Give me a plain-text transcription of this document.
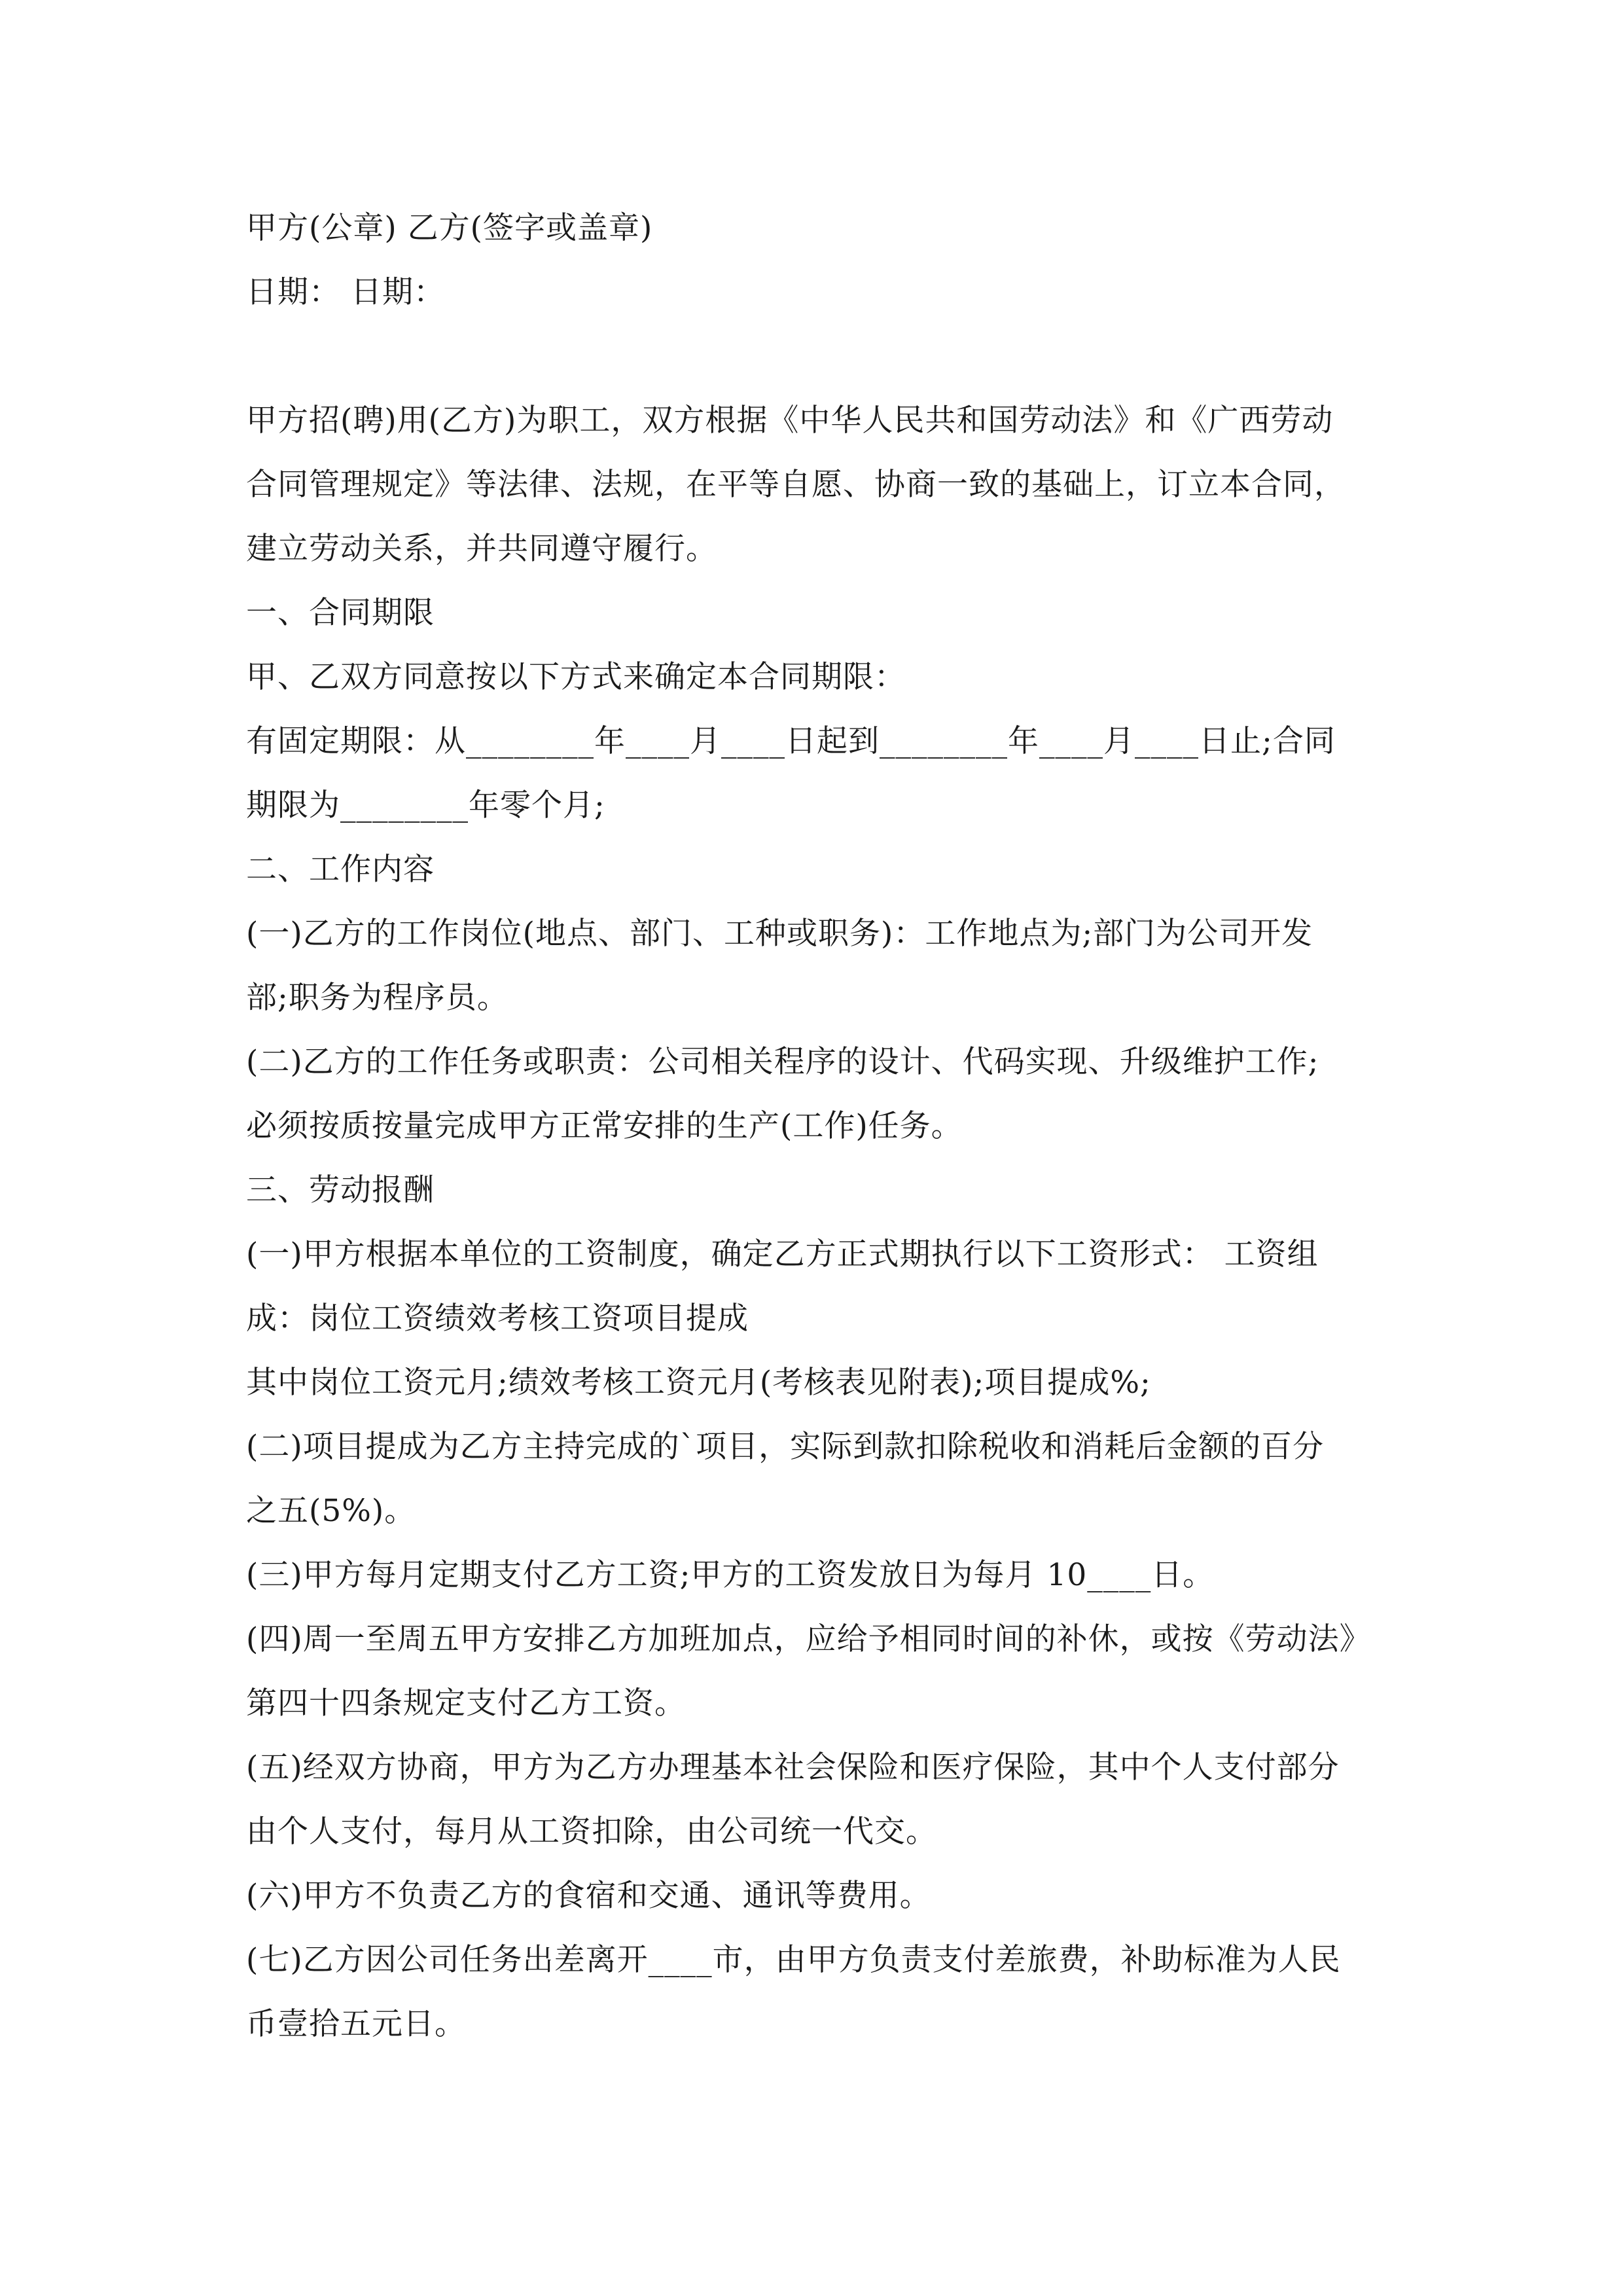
甲方(公章) 乙方(签字或盖章)
日期： 日期：
甲方招(聘)用(乙方)为职工，双方根据《中华人民共和国劳动法》和《广西劳动
合同管理规定》等法律、法规，在平等自愿、协商一致的基础上，订立本合同，
建立劳动关系，并共同遵守履行。
一、合同期限
甲、乙双方同意按以下方式来确定本合同期限：
有固定期限：从________年____月____日起到________年____月____日止;合同
期限为________年零个月;
二、工作内容
(一)乙方的工作岗位(地点、部门、工种或职务)：工作地点为;部门为公司开发
部;职务为程序员。
(二)乙方的工作任务或职责：公司相关程序的设计、代码实现、升级维护工作;
必须按质按量完成甲方正常安排的生产(工作)任务。
三、劳动报酬
(一)甲方根据本单位的工资制度，确定乙方正式期执行以下工资形式： 工资组
成：岗位工资绩效考核工资项目提成
其中岗位工资元月;绩效考核工资元月(考核表见附表);项目提成%;
(二)项目提成为乙方主持完成的`项目，实际到款扣除税收和消耗后金额的百分
之五(5%)。
(三)甲方每月定期支付乙方工资;甲方的工资发放日为每月 10____日。
(四)周一至周五甲方安排乙方加班加点，应给予相同时间的补休，或按《劳动法》
第四十四条规定支付乙方工资。
(五)经双方协商，甲方为乙方办理基本社会保险和医疗保险，其中个人支付部分
由个人支付，每月从工资扣除，由公司统一代交。
(六)甲方不负责乙方的食宿和交通、通讯等费用。
(七)乙方因公司任务出差离开____市，由甲方负责支付差旅费，补助标准为人民
币壹拾五元日。
